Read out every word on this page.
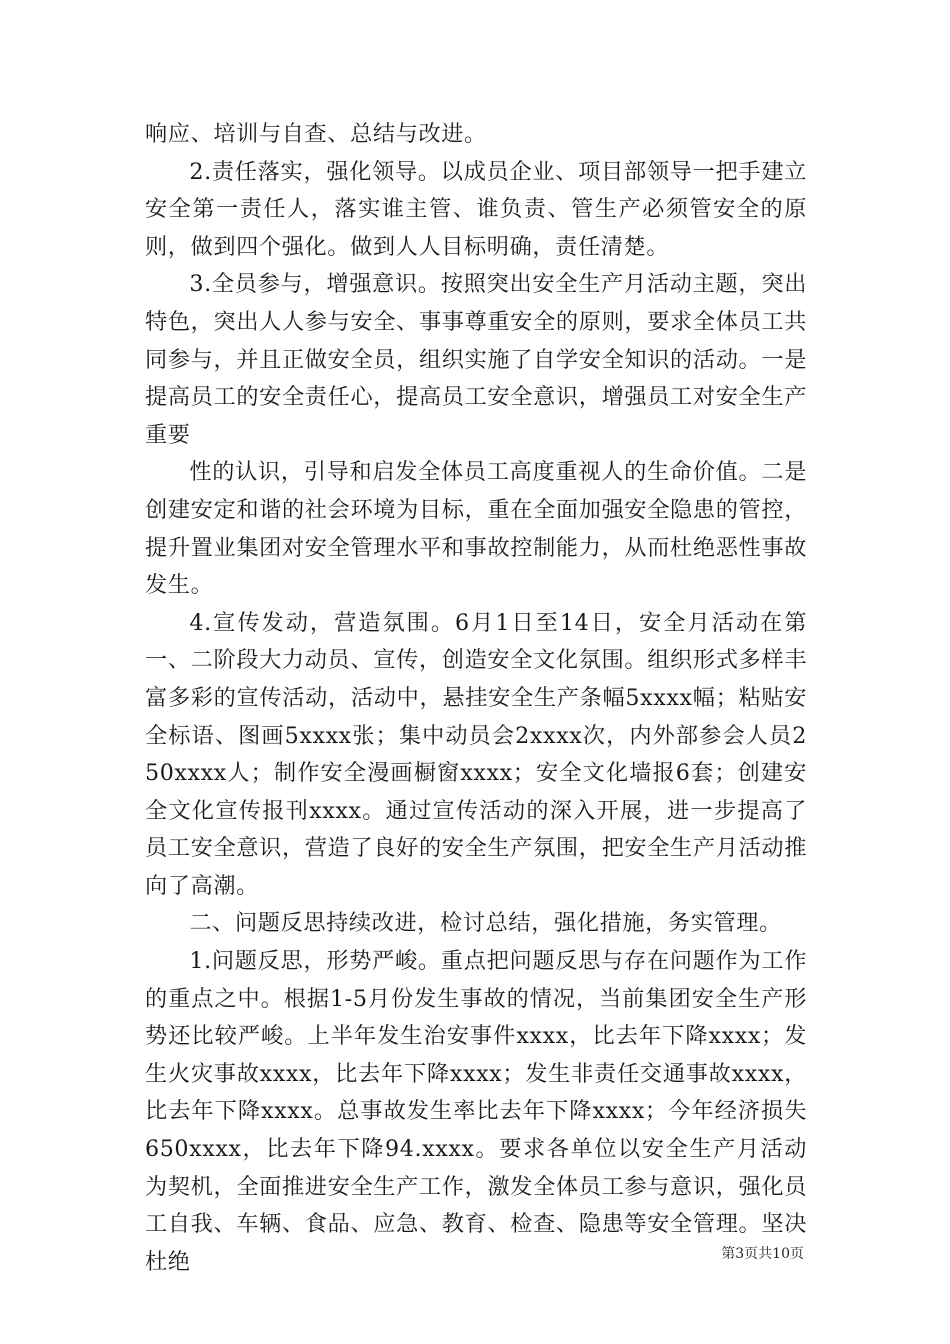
响应、培训与自查、总结与改进。

2.责任落实，强化领导。以成员企业、项目部领导一把手建立安全第一责任人，落实谁主管、谁负责、管生产必须管安全的原则，做到四个强化。做到人人目标明确，责任清楚。

3.全员参与，增强意识。按照突出安全生产月活动主题，突出特色，突出人人参与安全、事事尊重安全的原则，要求全体员工共同参与，并且正做安全员，组织实施了自学安全知识的活动。一是提高员工的安全责任心，提高员工安全意识，增强员工对安全生产重要

性的认识，引导和启发全体员工高度重视人的生命价值。二是创建安定和谐的社会环境为目标，重在全面加强安全隐患的管控，提升置业集团对安全管理水平和事故控制能力，从而杜绝恶性事故发生。

4.宣传发动，营造氛围。6月1日至14日，安全月活动在第一、二阶段大力动员、宣传，创造安全文化氛围。组织形式多样丰富多彩的宣传活动，活动中，悬挂安全生产条幅5xxxx幅；粘贴安全标语、图画5xxxx张；集中动员会2xxxx次，内外部参会人员250xxxx人；制作安全漫画橱窗xxxx；安全文化墙报6套；创建安全文化宣传报刊xxxx。通过宣传活动的深入开展，进一步提高了员工安全意识，营造了良好的安全生产氛围，把安全生产月活动推向了高潮。

二、问题反思持续改进，检讨总结，强化措施，务实管理。

1.问题反思，形势严峻。重点把问题反思与存在问题作为工作的重点之中。根据1-5月份发生事故的情况，当前集团安全生产形势还比较严峻。上半年发生治安事件xxxx，比去年下降xxxx；发生火灾事故xxxx，比去年下降xxxx；发生非责任交通事故xxxx，比去年下降xxxx。总事故发生率比去年下降xxxx；今年经济损失650xxxx，比去年下降94.xxxx。要求各单位以安全生产月活动为契机，全面推进安全生产工作，激发全体员工参与意识，强化员工自我、车辆、食品、应急、教育、检查、隐患等安全管理。坚决杜绝	第3页共10页
